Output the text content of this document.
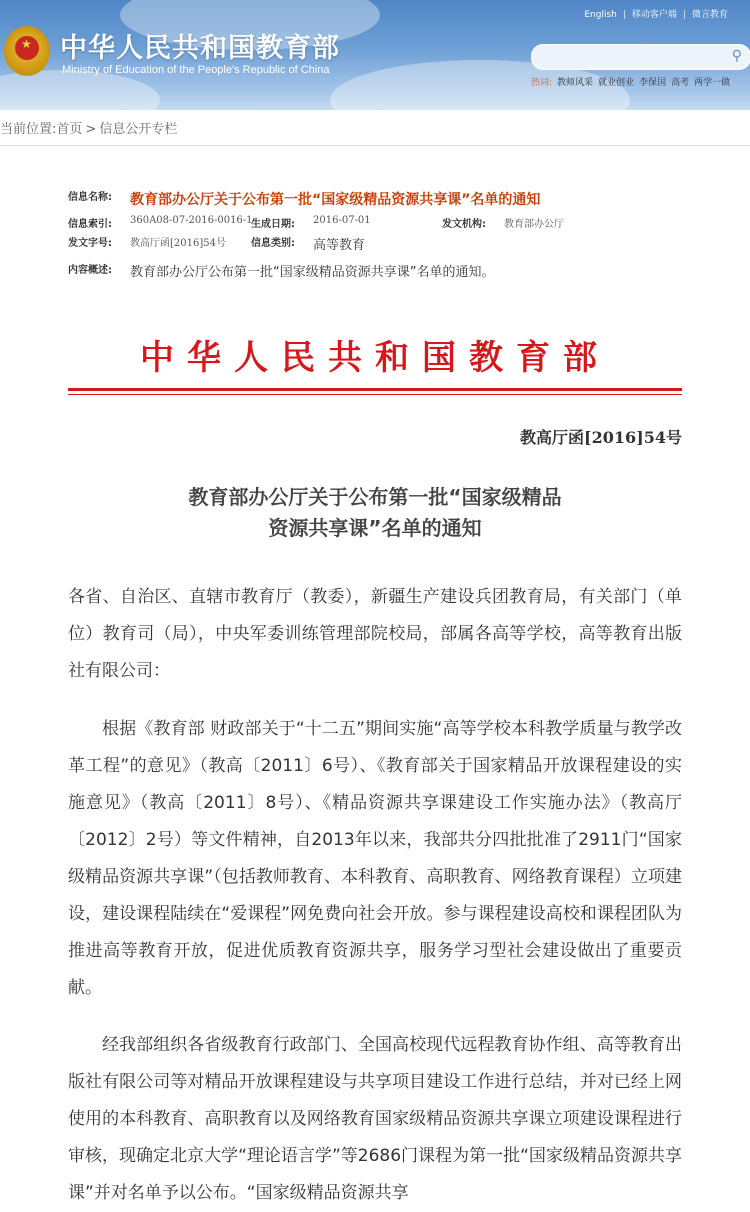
★ 中华人民共和国教育部
Ministry of Education of the People's Republic of China
English | 移动客户端 | 微言教育
⚲
热词: 教师风采 就业创业 李保国 高考 两学一做
当前位置:首页 > 信息公开专栏
信息名称: 教育部办公厅关于公布第一批“国家级精品资源共享课”名单的通知
信息索引: 360A08-07-2016-0016-1
生成日期: 2016-07-01	发文机构: 教育部办公厅
发文字号: 教高厅函[2016]54号	信息类别: 高等教育
内容概述: 教育部办公厅公布第一批“国家级精品资源共享课”名单的通知。
中华人民共和国教育部
教高厅函[2016]54号
教育部办公厅关于公布第一批“国家级精品
资源共享课”名单的通知
各省、自治区、直辖市教育厅（教委），新疆生产建设兵团教育局，有关部门（单位）教育司（局），中央军委训练管理部院校局，部属各高等学校，高等教育出版社有限公司：
根据《教育部 财政部关于“十二五”期间实施“高等学校本科教学质量与教学改革工程”的意见》（教高〔2011〕6号）、《教育部关于国家精品开放课程建设的实施意见》（教高〔2011〕8号）、《精品资源共享课建设工作实施办法》（教高厅〔2012〕2号）等文件精神，自2013年以来，我部共分四批批准了2911门“国家级精品资源共享课”（包括教师教育、本科教育、高职教育、网络教育课程）立项建设，建设课程陆续在“爱课程”网免费向社会开放。参与课程建设高校和课程团队为推进高等教育开放，促进优质教育资源共享，服务学习型社会建设做出了重要贡献。
经我部组织各省级教育行政部门、全国高校现代远程教育协作组、高等教育出版社有限公司等对精品开放课程建设与共享项目建设工作进行总结，并对已经上网使用的本科教育、高职教育以及网络教育国家级精品资源共享课立项建设课程进行审核，现确定北京大学“理论语言学”等2686门课程为第一批“国家级精品资源共享课”并对名单予以公布。“国家级精品资源共享
